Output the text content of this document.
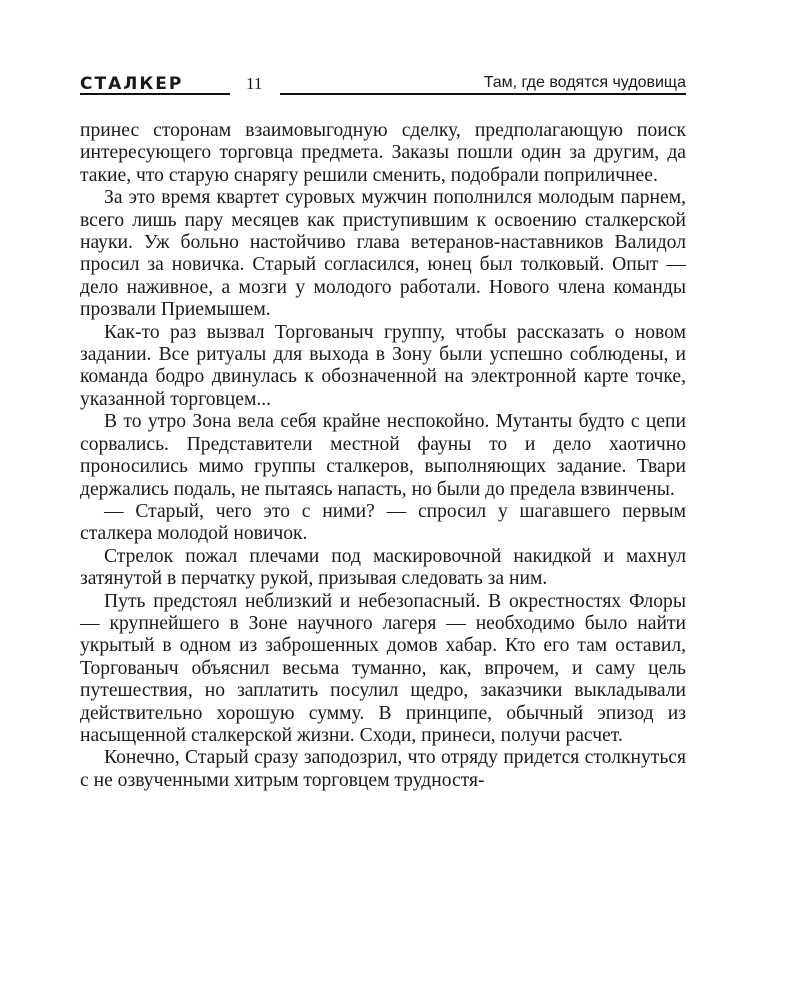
СТАЛКЕР	11	Там, где водятся чудовища

принес сторонам взаимовыгодную сделку, предполагающую поиск интересующего торговца предмета. Заказы пошли один за другим, да такие, что старую снарягу решили сменить, подобрали поприличнее.

За это время квартет суровых мужчин пополнился молодым парнем, всего лишь пару месяцев как приступившим к освоению сталкерской науки. Уж больно настойчиво глава ветеранов-наставников Валидол просил за новичка. Старый согласился, юнец был толковый. Опыт — дело наживное, а мозги у молодого работали. Нового члена команды прозвали Приемышем.

Как-то раз вызвал Торгованыч группу, чтобы рассказать о новом задании. Все ритуалы для выхода в Зону были успешно соблюдены, и команда бодро двинулась к обозначенной на электронной карте точке, указанной торговцем...

В то утро Зона вела себя крайне неспокойно. Мутанты будто с цепи сорвались. Представители местной фауны то и дело хаотично проносились мимо группы сталкеров, выполняющих задание. Твари держались подаль, не пытаясь напасть, но были до предела взвинчены.

— Старый, чего это с ними? — спросил у шагавшего первым сталкера молодой новичок.

Стрелок пожал плечами под маскировочной накидкой и махнул затянутой в перчатку рукой, призывая следовать за ним.

Путь предстоял неблизкий и небезопасный. В окрестностях Флоры — крупнейшего в Зоне научного лагеря — необходимо было найти укрытый в одном из заброшенных домов хабар. Кто его там оставил, Торгованыч объяснил весьма туманно, как, впрочем, и саму цель путешествия, но заплатить посулил щедро, заказчики выкладывали действительно хорошую сумму. В принципе, обычный эпизод из насыщенной сталкерской жизни. Сходи, принеси, получи расчет.

Конечно, Старый сразу заподозрил, что отряду придется столкнуться с не озвученными хитрым торговцем трудностя-
